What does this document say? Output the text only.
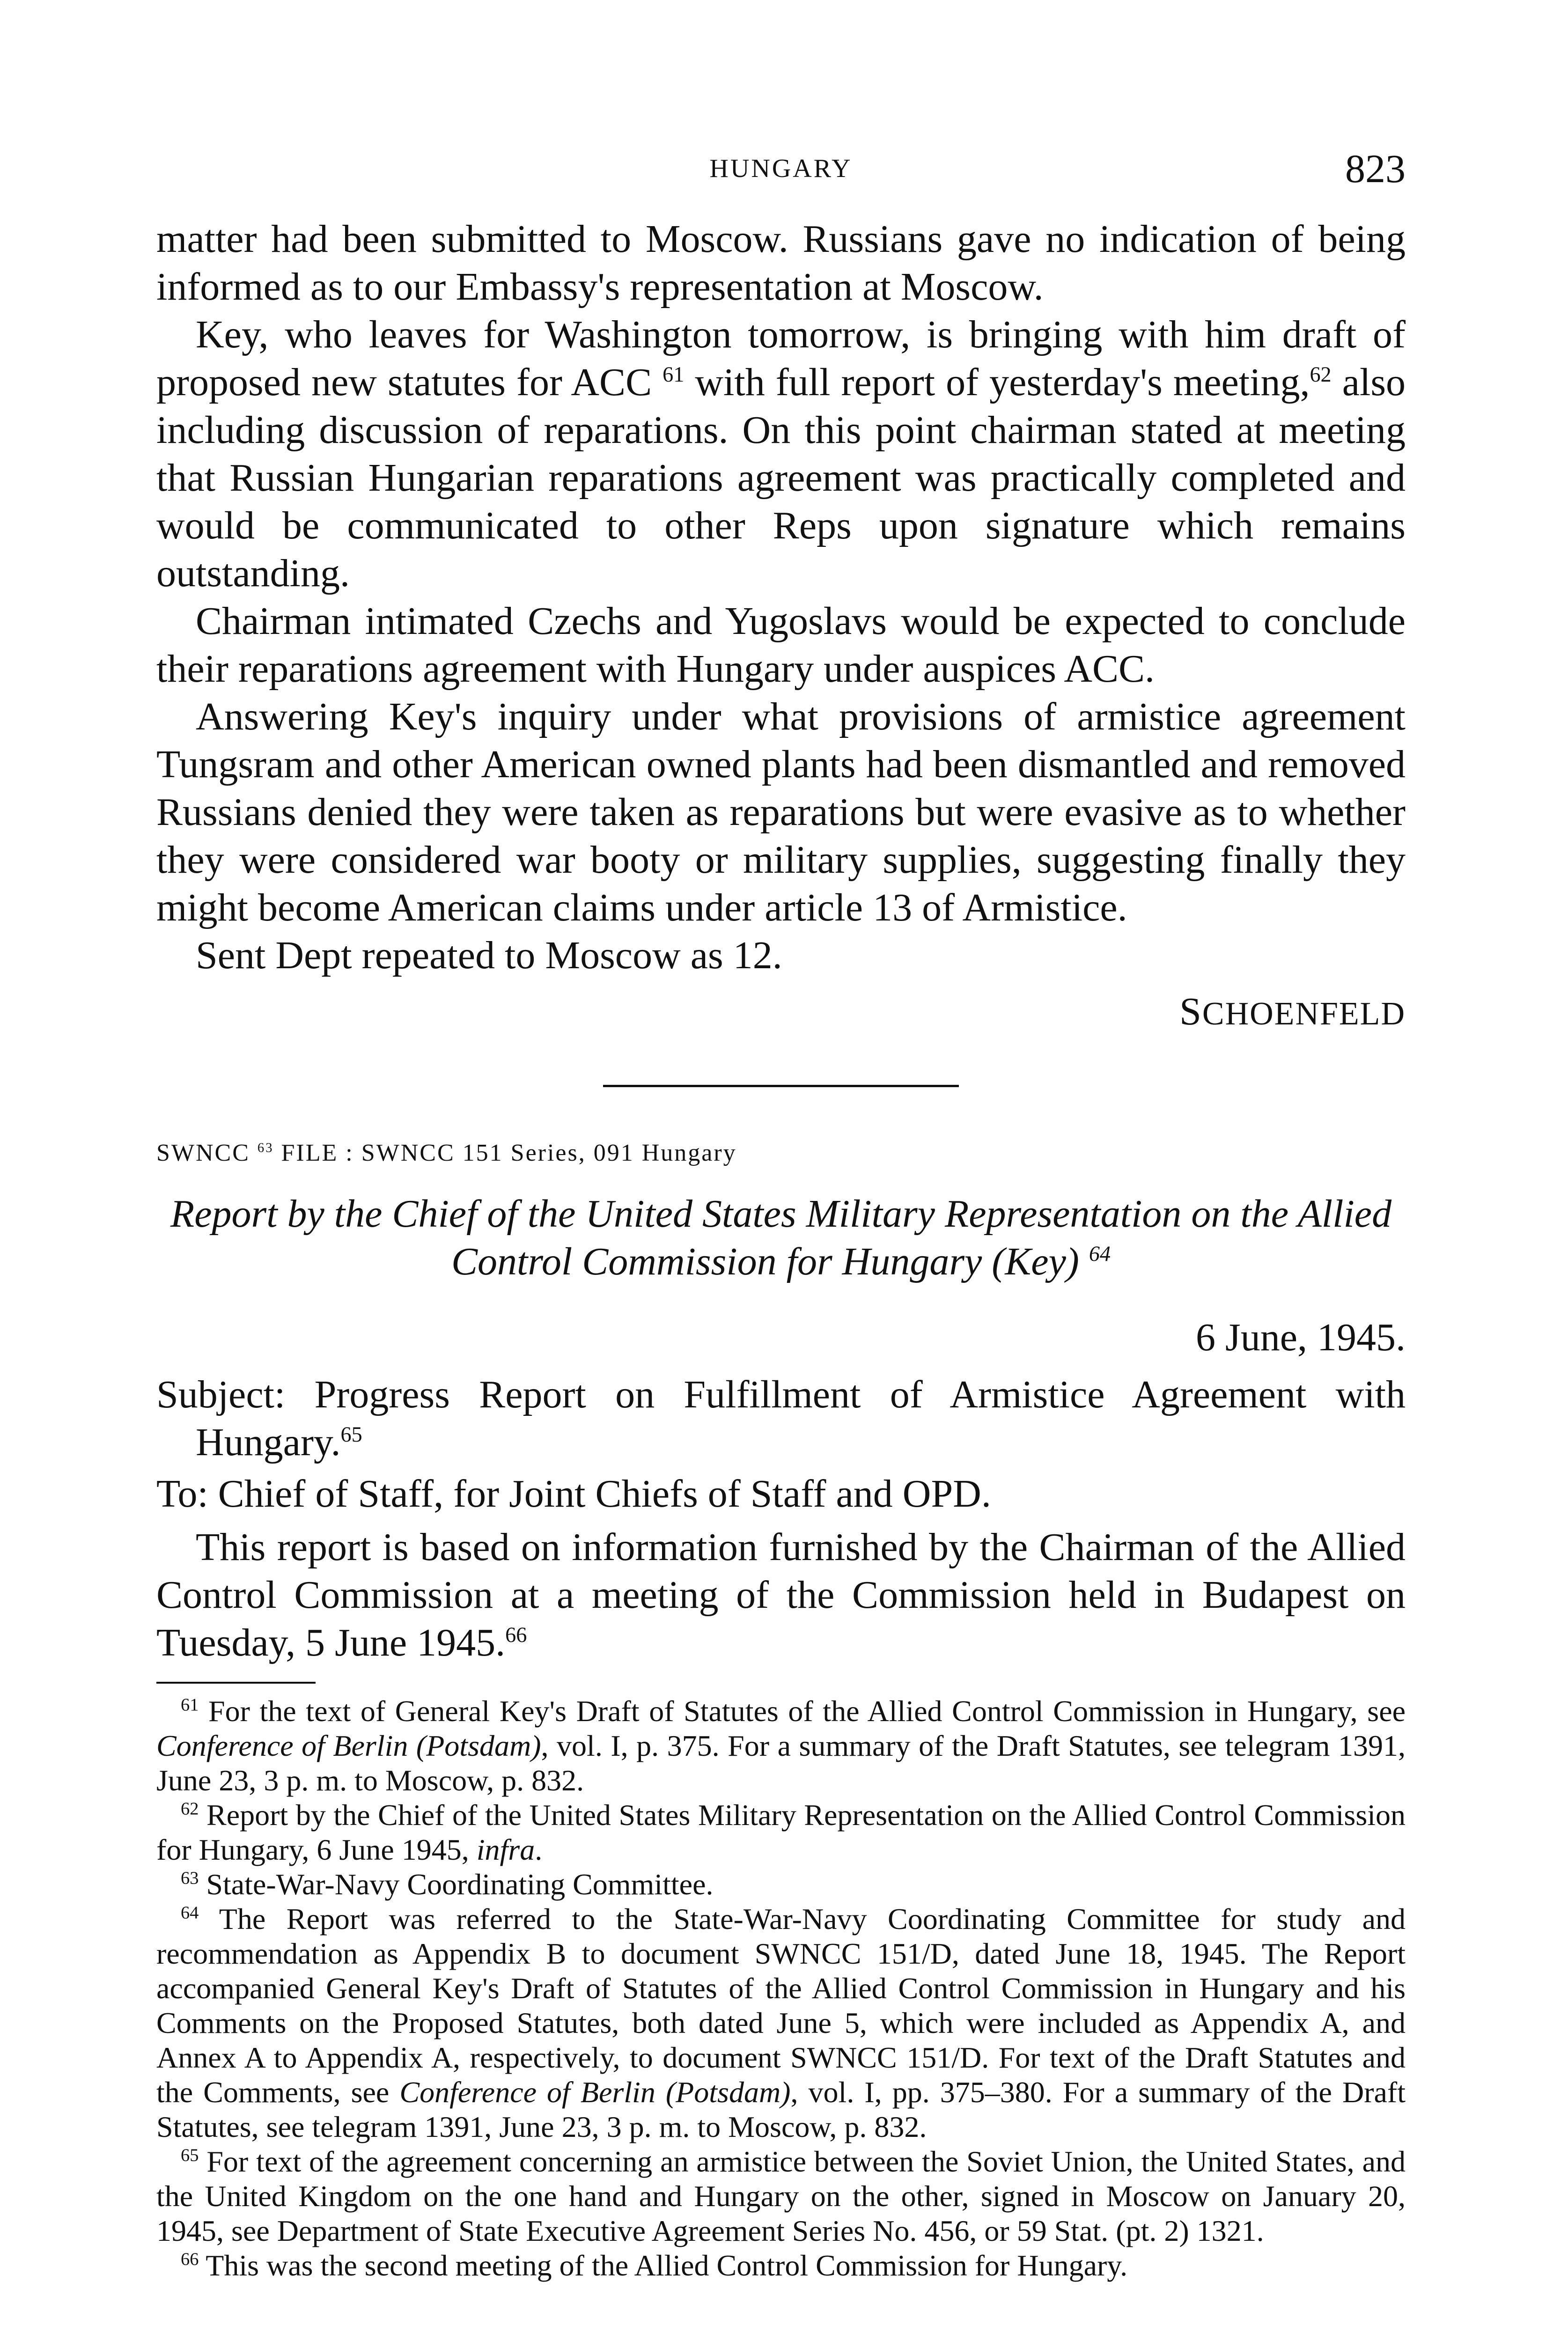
HUNGARY	823

matter had been submitted to Moscow. Russians gave no indication of being informed as to our Embassy's representation at Moscow.

Key, who leaves for Washington tomorrow, is bringing with him draft of proposed new statutes for ACC $^{61}$ with full report of yesterday's meeting,$^{62}$ also including discussion of reparations. On this point chairman stated at meeting that Russian Hungarian reparations agreement was practically completed and would be communicated to other Reps upon signature which remains outstanding.

Chairman intimated Czechs and Yugoslavs would be expected to conclude their reparations agreement with Hungary under auspices ACC.

Answering Key's inquiry under what provisions of armistice agreement Tungsram and other American owned plants had been dismantled and removed Russians denied they were taken as reparations but were evasive as to whether they were considered war booty or military supplies, suggesting finally they might become American claims under article 13 of Armistice.

Sent Dept repeated to Moscow as 12.

SCHOENFELD
SWNCC $^{63}$ FILE : SWNCC 151 Series, 091 Hungary
Report by the Chief of the United States Military Representation on the Allied Control Commission for Hungary (Key) $^{64}$
6 June, 1945.
Subject: Progress Report on Fulfillment of Armistice Agreement with Hungary.$^{65}$
To: Chief of Staff, for Joint Chiefs of Staff and OPD.

This report is based on information furnished by the Chairman of the Allied Control Commission at a meeting of the Commission held in Budapest on Tuesday, 5 June 1945.66

$^{61}$ For the text of General Key's Draft of Statutes of the Allied Control Commission in Hungary, see Conference of Berlin (Potsdam), vol. I, p. 375. For a summary of the Draft Statutes, see telegram 1391, June 23, 3 p. m. to Moscow, p. 832.

$^{62}$ Report by the Chief of the United States Military Representation on the Allied Control Commission for Hungary, 6 June 1945, infra.

$^{63}$ State-War-Navy Coordinating Committee.

$^{64}$ The Report was referred to the State-War-Navy Coordinating Committee for study and recommendation as Appendix B to document SWNCC 151/D, dated June 18, 1945. The Report accompanied General Key's Draft of Statutes of the Allied Control Commission in Hungary and his Comments on the Proposed Statutes, both dated June 5, which were included as Appendix A, and Annex A to Appendix A, respectively, to document SWNCC 151/D. For text of the Draft Statutes and the Comments, see Conference of Berlin (Potsdam), vol. I, pp. 375–380. For a summary of the Draft Statutes, see telegram 1391, June 23, 3 p. m. to Moscow, p. 832.

$^{65}$ For text of the agreement concerning an armistice between the Soviet Union, the United States, and the United Kingdom on the one hand and Hungary on the other, signed in Moscow on January 20, 1945, see Department of State Executive Agreement Series No. 456, or 59 Stat. (pt. 2) 1321.

$^{66}$ This was the second meeting of the Allied Control Commission for Hungary.
